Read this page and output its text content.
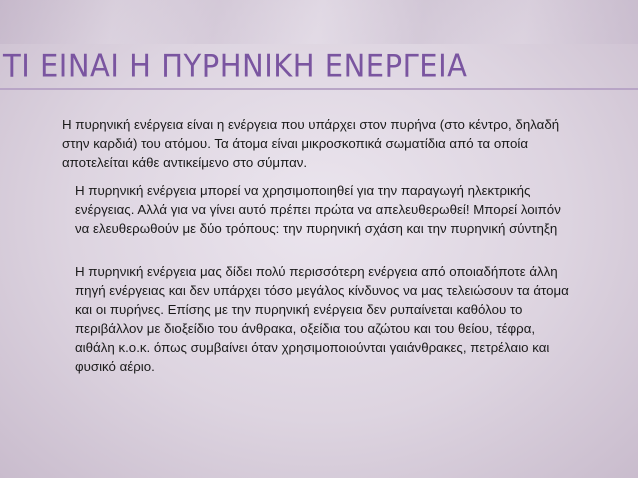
ΤΙ ΕΙΝΑΙ Η ΠΥΡΗΝΙΚΗ ΕΝΕΡΓΕΙΑ
Η πυρηνική ενέργεια είναι η ενέργεια που υπάρχει στον πυρήνα (στο κέντρο, δηλαδή στην καρδιά) του ατόμου. Τα άτομα είναι μικροσκοπικά σωματίδια από τα οποία αποτελείται κάθε αντικείμενο στο σύμπαν.
Η πυρηνική ενέργεια μπορεί να χρησιμοποιηθεί για την παραγωγή ηλεκτρικής ενέργειας. Αλλά για να γίνει αυτό πρέπει πρώτα να απελευθερωθεί! Μπορεί λοιπόν να ελευθερωθούν με δύο τρόπους: την πυρηνική σχάση και την πυρηνική σύντηξη
Η πυρηνική ενέργεια μας δίδει πολύ περισσότερη ενέργεια από οποιαδήποτε άλλη πηγή ενέργειας και δεν υπάρχει τόσο μεγάλος κίνδυνος να μας τελειώσουν τα άτομα και οι πυρήνες. Επίσης με την πυρηνική ενέργεια δεν ρυπαίνεται καθόλου το περιβάλλον με διοξείδιο του άνθρακα, οξείδια του αζώτου και του θείου, τέφρα, αιθάλη κ.ο.κ. όπως συμβαίνει όταν χρησιμοποιούνται γαιάνθρακες, πετρέλαιο και φυσικό αέριο.
